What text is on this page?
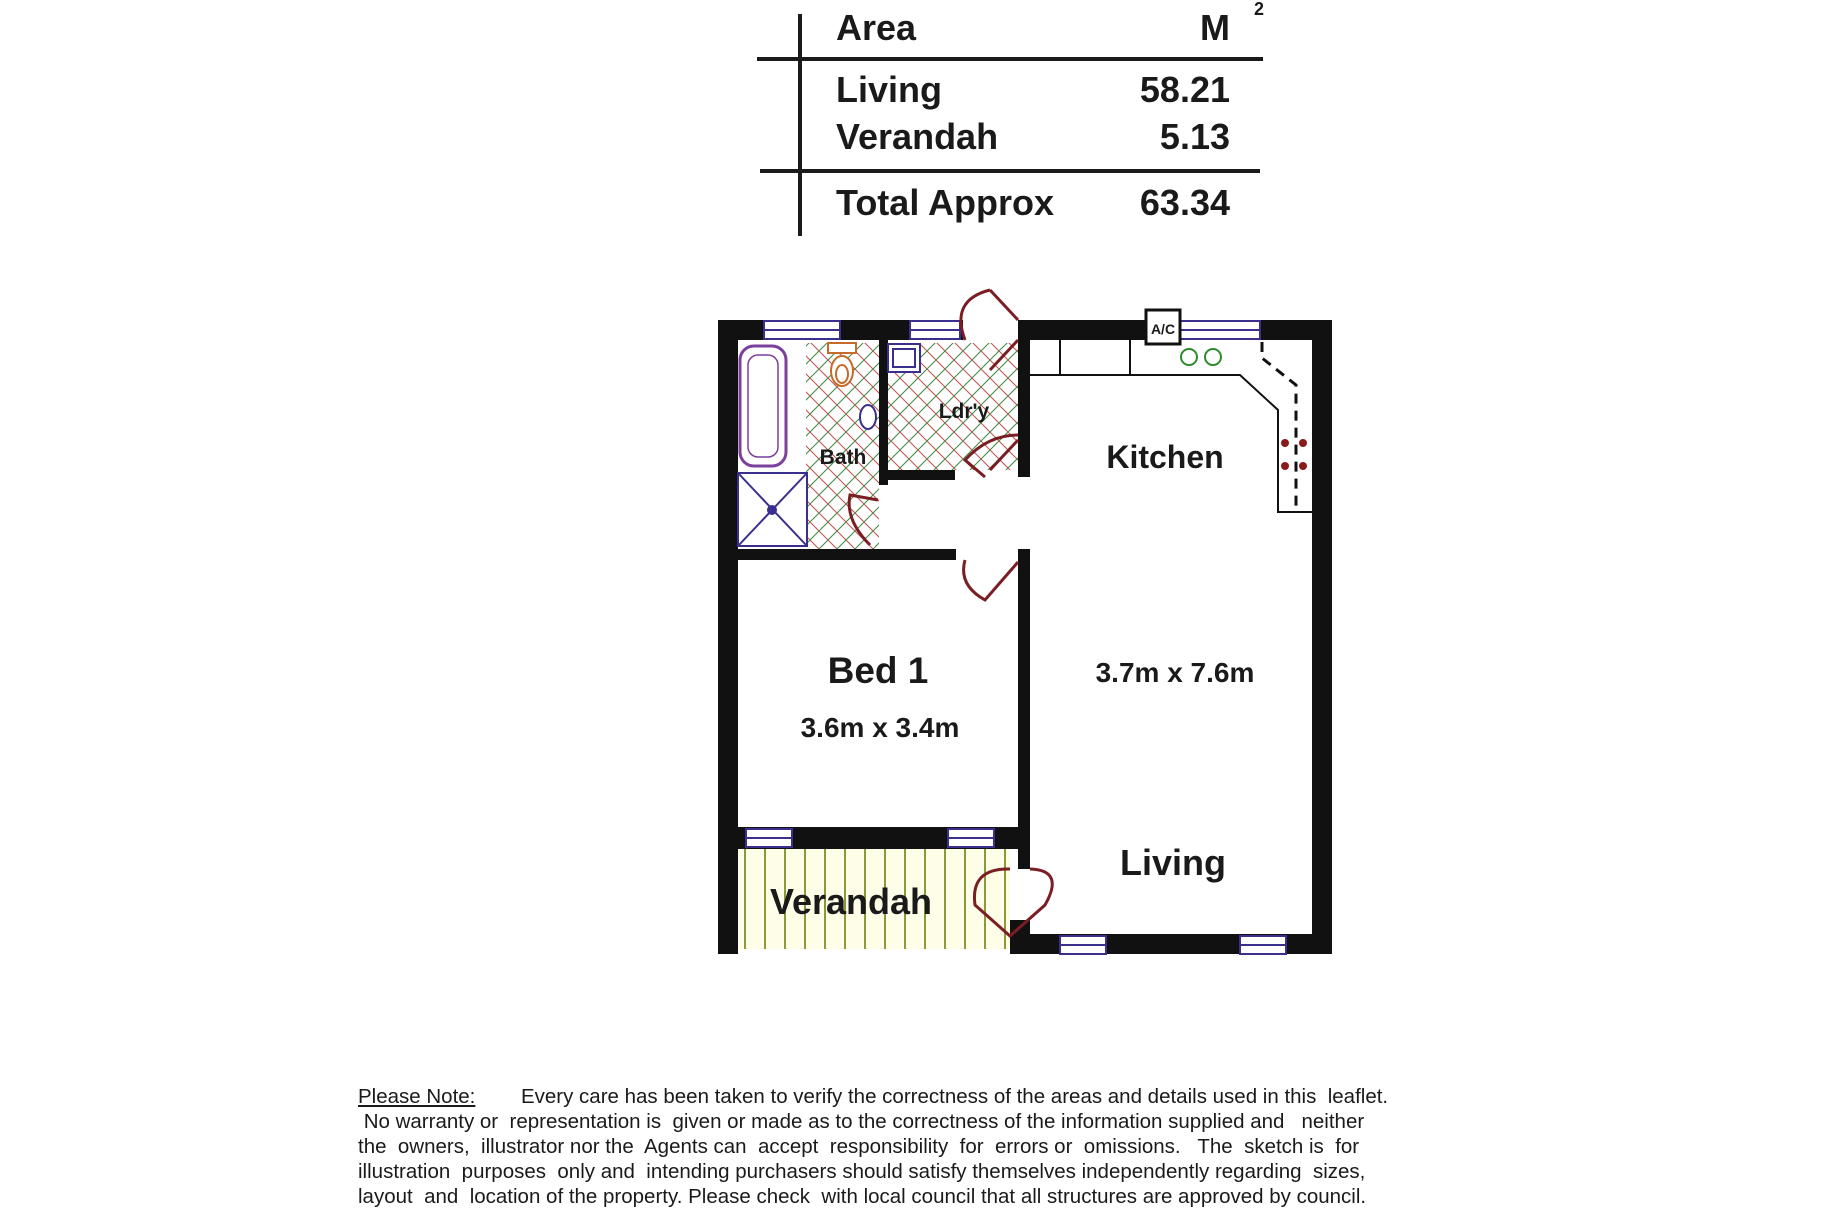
Area	M 2
Living	58.21
Verandah	5.13
Total Approx 63.34
A/C
Bath
Ldr'y
Kitchen
Bed 1
3.6m x 3.4m
3.7m x 7.6m
Living
Verandah
Please Note: Every care has been taken to verify the correctness of the areas and details used in this  leaflet.
No warranty or  representation is  given or made as to the correctness of the information supplied and   neither
the  owners,  illustrator nor the  Agents can  accept  responsibility  for  errors or  omissions.   The  sketch is  for
illustration  purposes  only and  intending purchasers should satisfy themselves independently regarding  sizes,
layout  and  location of the property. Please check  with local council that all structures are approved by council.
